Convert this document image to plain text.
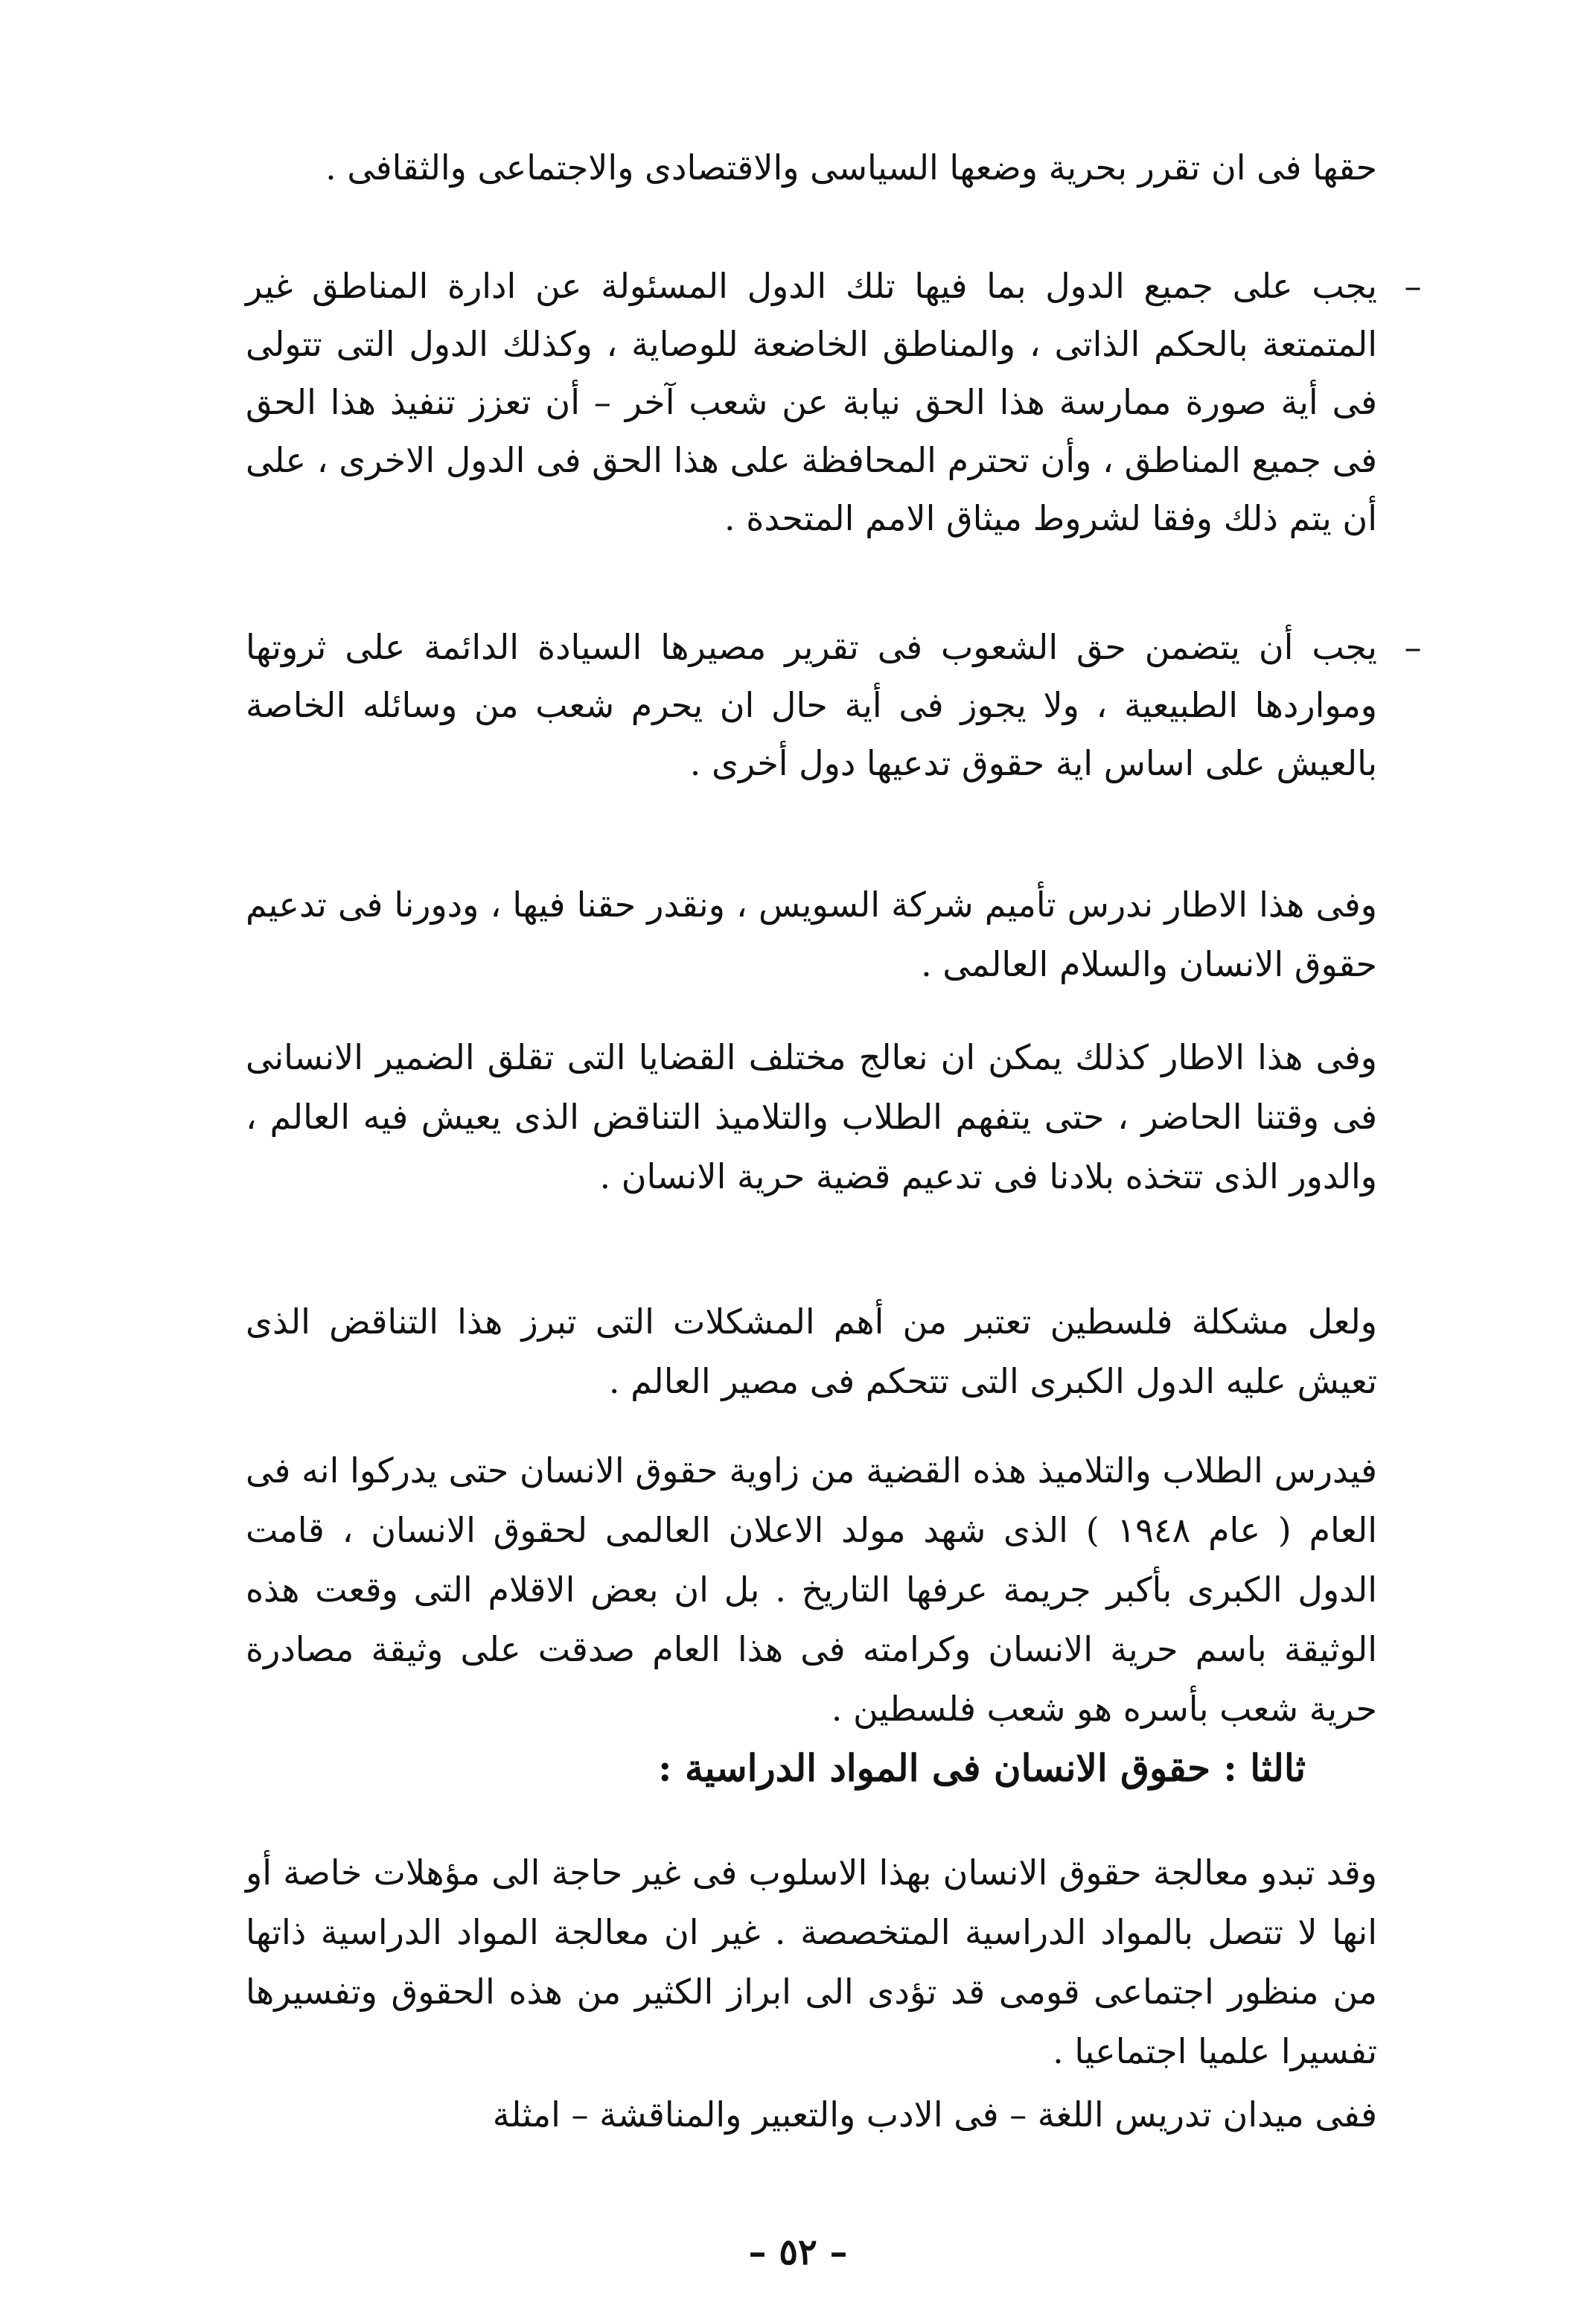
حقها فى ان تقرر بحرية وضعها السياسى والاقتصادى والاجتماعى والثقافى .
–
يجب على جميع الدول بما فيها تلك الدول المسئولة عن ادارة المناطق غير المتمتعة بالحكم الذاتى ، والمناطق الخاضعة للوصاية ، وكذلك الدول التى تتولى فى أية صورة ممارسة هذا الحق نيابة عن شعب آخر – أن تعزز تنفيذ هذا الحق فى جميع المناطق ، وأن تحترم المحافظة على هذا الحق فى الدول الاخرى ، على أن يتم ذلك وفقا لشروط ميثاق الامم المتحدة .
–
يجب أن يتضمن حق الشعوب فى تقرير مصيرها السيادة الدائمة على ثروتها ومواردها الطبيعية ، ولا يجوز فى أية حال ان يحرم شعب من وسائله الخاصة بالعيش على اساس اية حقوق تدعيها دول أخرى .
وفى هذا الاطار ندرس تأميم شركة السويس ، ونقدر حقنا فيها ، ودورنا فى تدعيم حقوق الانسان والسلام العالمى .
وفى هذا الاطار كذلك يمكن ان نعالج مختلف القضايا التى تقلق الضمير الانسانى فى وقتنا الحاضر ، حتى يتفهم الطلاب والتلاميذ التناقض الذى يعيش فيه العالم ، والدور الذى تتخذه بلادنا فى تدعيم قضية حرية الانسان .
ولعل مشكلة فلسطين تعتبر من أهم المشكلات التى تبرز هذا التناقض الذى تعيش عليه الدول الكبرى التى تتحكم فى مصير العالم .
فيدرس الطلاب والتلاميذ هذه القضية من زاوية حقوق الانسان حتى يدركوا انه فى العام ( عام ١٩٤٨ ) الذى شهد مولد الاعلان العالمى لحقوق الانسان ، قامت الدول الكبرى بأكبر جريمة عرفها التاريخ . بل ان بعض الاقلام التى وقعت هذه الوثيقة باسم حرية الانسان وكرامته فى هذا العام صدقت على وثيقة مصادرة حرية شعب بأسره هو شعب فلسطين .
ثالثا : حقوق الانسان فى المواد الدراسية :
وقد تبدو معالجة حقوق الانسان بهذا الاسلوب فى غير حاجة الى مؤهلات خاصة أو انها لا تتصل بالمواد الدراسية المتخصصة . غير ان معالجة المواد الدراسية ذاتها من منظور اجتماعى قومى قد تؤدى الى ابراز الكثير من هذه الحقوق وتفسيرها تفسيرا علميا اجتماعيا .
ففى ميدان تدريس اللغة – فى الادب والتعبير والمناقشة – امثلة
– ٥٢ –
